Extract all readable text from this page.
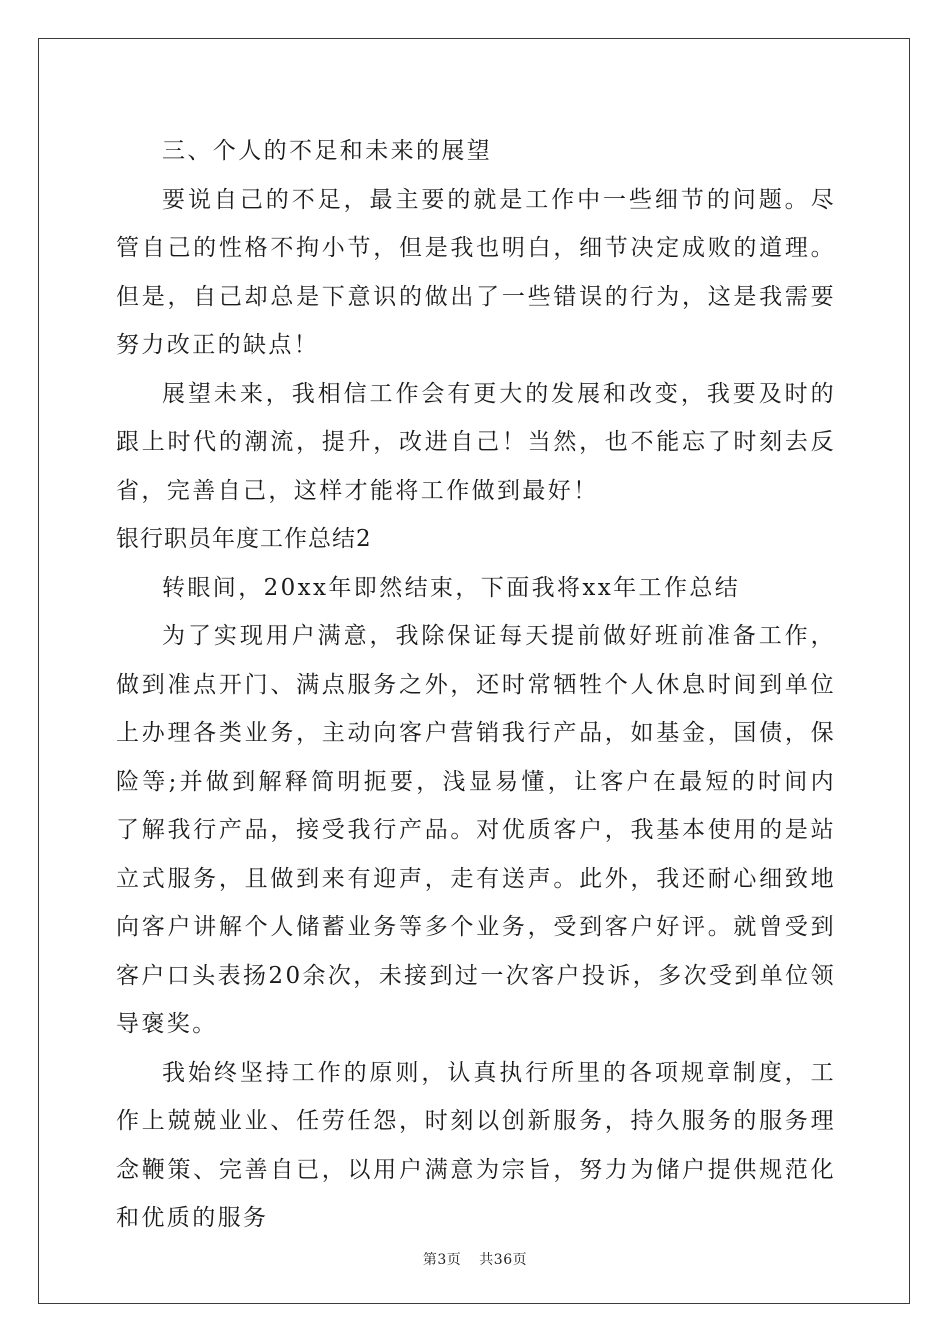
三、个人的不足和未来的展望

要说自己的不足，最主要的就是工作中一些细节的问题。尽管自己的性格不拘小节，但是我也明白，细节决定成败的道理。但是，自己却总是下意识的做出了一些错误的行为，这是我需要努力改正的缺点！

展望未来，我相信工作会有更大的发展和改变，我要及时的跟上时代的潮流，提升，改进自己！当然，也不能忘了时刻去反省，完善自己，这样才能将工作做到最好！

银行职员年度工作总结2

转眼间，20xx年即然结束，下面我将xx年工作总结

为了实现用户满意，我除保证每天提前做好班前准备工作，做到准点开门、满点服务之外，还时常牺牲个人休息时间到单位上办理各类业务，主动向客户营销我行产品，如基金，国债，保险等;并做到解释简明扼要，浅显易懂，让客户在最短的时间内了解我行产品，接受我行产品。对优质客户，我基本使用的是站立式服务，且做到来有迎声，走有送声。此外，我还耐心细致地向客户讲解个人储蓄业务等多个业务，受到客户好评。就曾受到客户口头表扬20余次，未接到过一次客户投诉，多次受到单位领导褒奖。

我始终坚持工作的原则，认真执行所里的各项规章制度，工作上兢兢业业、任劳任怨，时刻以创新服务，持久服务的服务理念鞭策、完善自已，以用户满意为宗旨，努力为储户提供规范化和优质的服务

第3页 共36页
